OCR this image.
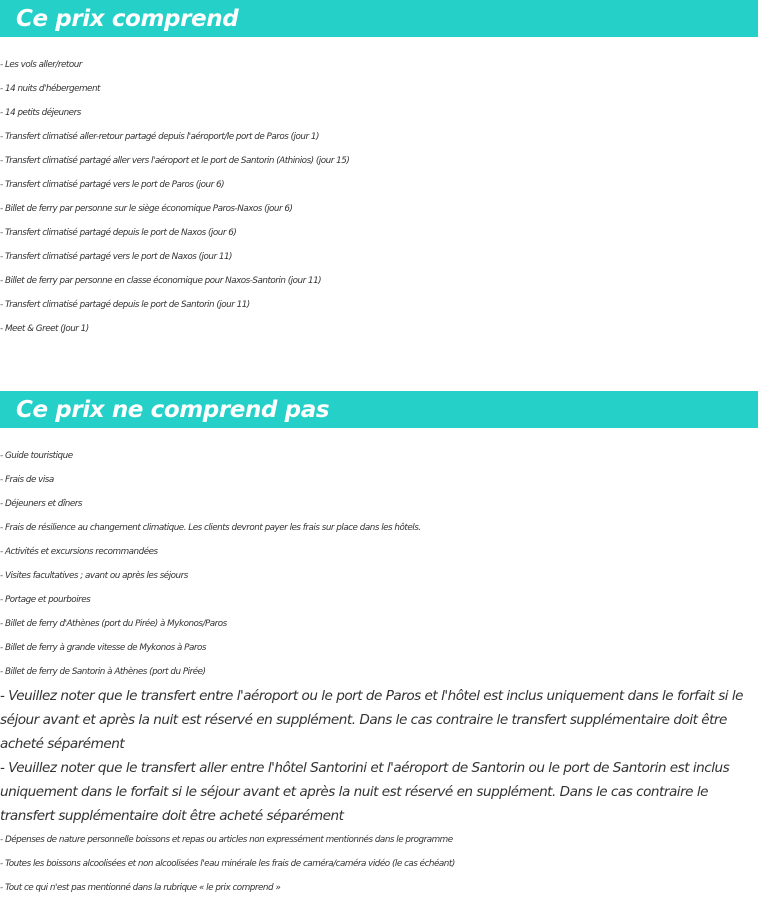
Ce prix comprend
- Les vols aller/retour
- 14 nuits d'hébergement
- 14 petits déjeuners
- Transfert climatisé aller-retour partagé depuis l'aéroport/le port de Paros (jour 1)
- Transfert climatisé partagé aller vers l'aéroport et le port de Santorin (Athinios) (jour 15)
- Transfert climatisé partagé vers le port de Paros (jour 6)
- Billet de ferry par personne sur le siège économique Paros-Naxos (jour 6)
- Transfert climatisé partagé depuis le port de Naxos (jour 6)
- Transfert climatisé partagé vers le port de Naxos (jour 11)
- Billet de ferry par personne en classe économique pour Naxos-Santorin (jour 11)
- Transfert climatisé partagé depuis le port de Santorin (jour 11)
- Meet & Greet (Jour 1)
Ce prix ne comprend pas
- Guide touristique
- Frais de visa
- Déjeuners et dîners
- Frais de résilience au changement climatique. Les clients devront payer les frais sur place dans les hôtels.
- Activités et excursions recommandées
- Visites facultatives ; avant ou après les séjours
- Portage et pourboires
- Billet de ferry d'Athènes (port du Pirée) à Mykonos/Paros
- Billet de ferry à grande vitesse de Mykonos à Paros
- Billet de ferry de Santorin à Athènes (port du Pirée)
- Veuillez noter que le transfert entre l'aéroport ou le port de Paros et l'hôtel est inclus uniquement dans le forfait si le séjour avant et après la nuit est réservé en supplément. Dans le cas contraire le transfert supplémentaire doit être acheté séparément
- Veuillez noter que le transfert aller entre l'hôtel Santorini et l'aéroport de Santorin ou le port de Santorin est inclus uniquement dans le forfait si le séjour avant et après la nuit est réservé en supplément. Dans le cas contraire le transfert supplémentaire doit être acheté séparément
- Dépenses de nature personnelle boissons et repas ou articles non expressément mentionnés dans le programme
- Toutes les boissons alcoolisées et non alcoolisées l'eau minérale les frais de caméra/caméra vidéo (le cas échéant)
- Tout ce qui n'est pas mentionné dans la rubrique « le prix comprend »
